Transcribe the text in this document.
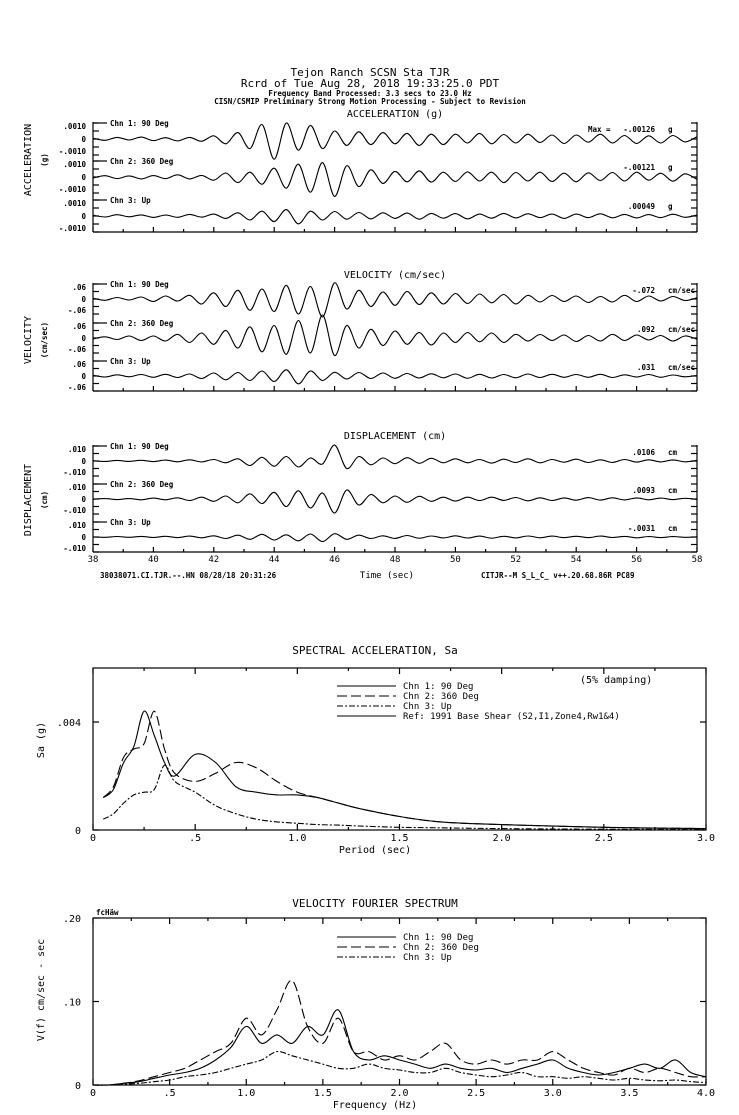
Tejon Ranch SCSN Sta TJR
Rcrd of Tue Aug 28, 2018 19:33:25.0 PDT
Frequency Band Processed: 3.3 secs to 23.0 Hz
CISN/CSMIP Preliminary Strong Motion Processing - Subject to Revision
ACCELERATION (g)
ACCELERATION (g)
.0010
0
-.0010
Chn 1: 90 Deg
Max = -.00126 g
.0010
0
-.0010
Chn 2: 360 Deg
-.00121 g
.0010
0
-.0010
Chn 3: Up
.00049 g
VELOCITY (cm/sec)
VELOCITY (cm/sec)
.06
0
-.06
Chn 1: 90 Deg
-.072 cm/sec
.06
0
-.06
Chn 2: 360 Deg
.092 cm/sec
.06
0
-.06
Chn 3: Up
.031 cm/sec
DISPLACEMENT (cm)
DISPLACEMENT (cm)
38	40	42	44	46	48	50	52	54	56	58
.010
0
-.010
Chn 1: 90 Deg
.0106 cm
.010
0
-.010
Chn 2: 360 Deg
.0093 cm
.010
0
-.010
Chn 3: Up
-.0031 cm
38038071.CI.TJR.--.HN 08/28/18 20:31:26	Time (sec)	CITJR--M S_L_C_ v++.20.68.86R PC89
SPECTRAL ACCELERATION, Sa
0	.5	1.0	1.5	2.0	2.5	3.0
0
.004
Period (sec)
Sa (g)
(5% damping)
Chn 1: 90 Deg
Chn 2: 360 Deg
Chn 3: Up
Ref: 1991 Base Shear (S2,I1,Zone4,Rw1&4)
VELOCITY FOURIER SPECTRUM
0	.5	1.0	1.5	2.0	2.5	3.0	3.5	4.0
0
.10
.20
Frequency (Hz)
V(f) cm/sec - sec
fcHäw
Chn 1: 90 Deg
Chn 2: 360 Deg
Chn 3: Up
